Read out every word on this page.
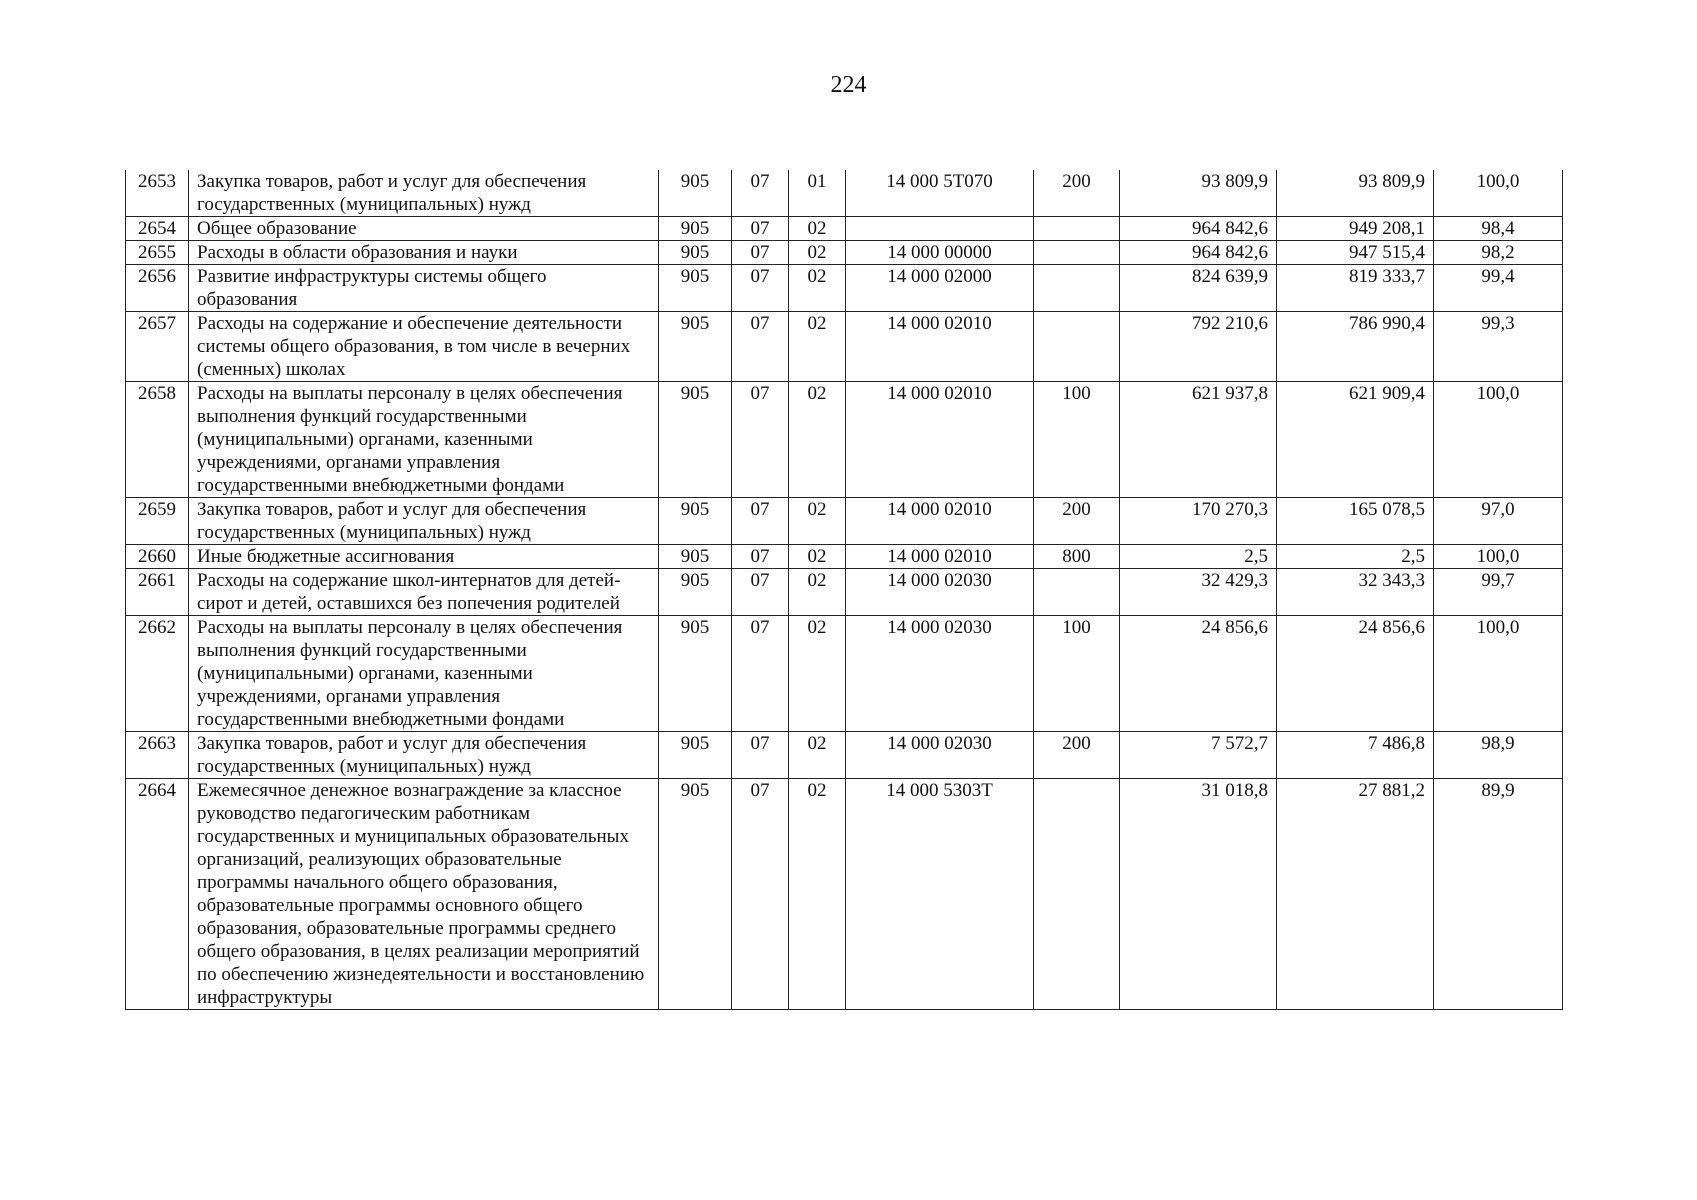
224
2653	Закупка товаров, работ и услуг для обеспечения государственных (муниципальных) нужд	905	07	01	14 000 5Т070	200	93 809,9	93 809,9	100,0
2654	Общее образование	905	07	02			964 842,6	949 208,1	98,4
2655	Расходы в области образования и науки	905	07	02	14 000 00000		964 842,6	947 515,4	98,2
2656	Развитие инфраструктуры системы общего образования	905	07	02	14 000 02000		824 639,9	819 333,7	99,4
2657	Расходы на содержание и обеспечение деятельности системы общего образования, в том числе в вечерних (сменных) школах	905	07	02	14 000 02010		792 210,6	786 990,4	99,3
2658	Расходы на выплаты персоналу в целях обеспечения выполнения функций государственными (муниципальными) органами, казенными учреждениями, органами управления государственными внебюджетными фондами	905	07	02	14 000 02010	100	621 937,8	621 909,4	100,0
2659	Закупка товаров, работ и услуг для обеспечения государственных (муниципальных) нужд	905	07	02	14 000 02010	200	170 270,3	165 078,5	97,0
2660	Иные бюджетные ассигнования	905	07	02	14 000 02010	800	2,5	2,5	100,0
2661	Расходы на содержание школ-интернатов для детей-сирот и детей, оставшихся без попечения родителей	905	07	02	14 000 02030		32 429,3	32 343,3	99,7
2662	Расходы на выплаты персоналу в целях обеспечения выполнения функций государственными (муниципальными) органами, казенными учреждениями, органами управления государственными внебюджетными фондами	905	07	02	14 000 02030	100	24 856,6	24 856,6	100,0
2663	Закупка товаров, работ и услуг для обеспечения государственных (муниципальных) нужд	905	07	02	14 000 02030	200	7 572,7	7 486,8	98,9
2664	Ежемесячное денежное вознаграждение за классное руководство педагогическим работникам государственных и муниципальных образовательных организаций, реализующих образовательные программы начального общего образования, образовательные программы основного общего образования, образовательные программы среднего общего образования, в целях реализации мероприятий по обеспечению жизнедеятельности и восстановлению инфраструктуры	905	07	02	14 000 5303Т		31 018,8	27 881,2	89,9
